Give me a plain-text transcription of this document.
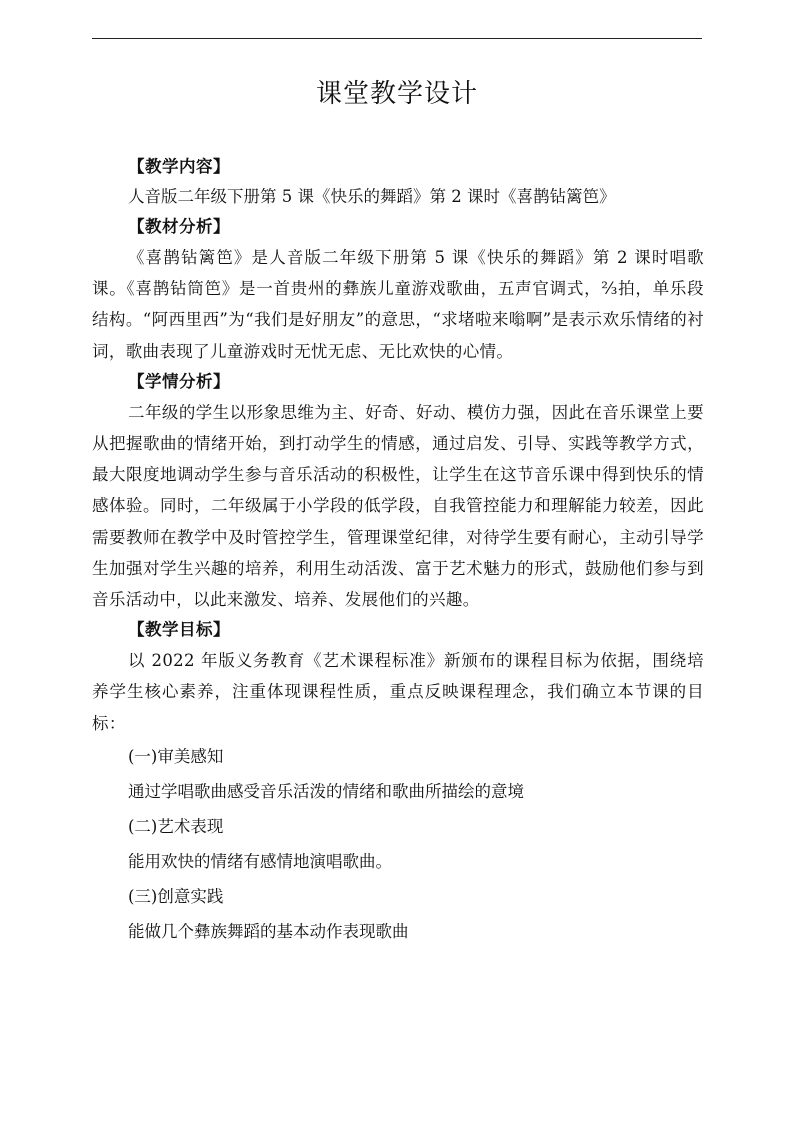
课堂教学设计
【教学内容】
人音版二年级下册第 5 课《快乐的舞蹈》第 2 课时《喜鹊钻篱笆》
【教材分析】

《喜鹊钻篱笆》是人音版二年级下册第 5 课《快乐的舞蹈》第 2 课时唱歌课。《喜鹊钻筒笆》是一首贵州的彝族儿童游戏歌曲，五声官调式，⅔拍，单乐段结构。“阿西里西”为“我们是好朋友”的意思，“求堵啦来嗡啊”是表示欢乐情绪的衬词，歌曲表现了儿童游戏时无忧无虑、无比欢快的心情。

【学情分析】

二年级的学生以形象思维为主、好奇、好动、模仿力强，因此在音乐课堂上要从把握歌曲的情绪开始，到打动学生的情感，通过启发、引导、实践等教学方式，最大限度地调动学生参与音乐活动的积极性，让学生在这节音乐课中得到快乐的情感体验。同时，二年级属于小学段的低学段，自我管控能力和理解能力较差，因此需要教师在教学中及时管控学生，管理课堂纪律，对待学生要有耐心，主动引导学生加强对学生兴趣的培养，利用生动活泼、富于艺术魅力的形式，鼓励他们参与到音乐活动中，以此来激发、培养、发展他们的兴趣。

【教学目标】

以 2022 年版义务教育《艺术课程标准》新颁布的课程目标为依据，围绕培养学生核心素养，注重体现课程性质，重点反映课程理念，我们确立本节课的目标：

(一)审美感知
通过学唱歌曲感受音乐活泼的情绪和歌曲所描绘的意境
(二)艺术表现
能用欢快的情绪有感情地演唱歌曲。
(三)创意实践
能做几个彝族舞蹈的基本动作表现歌曲
